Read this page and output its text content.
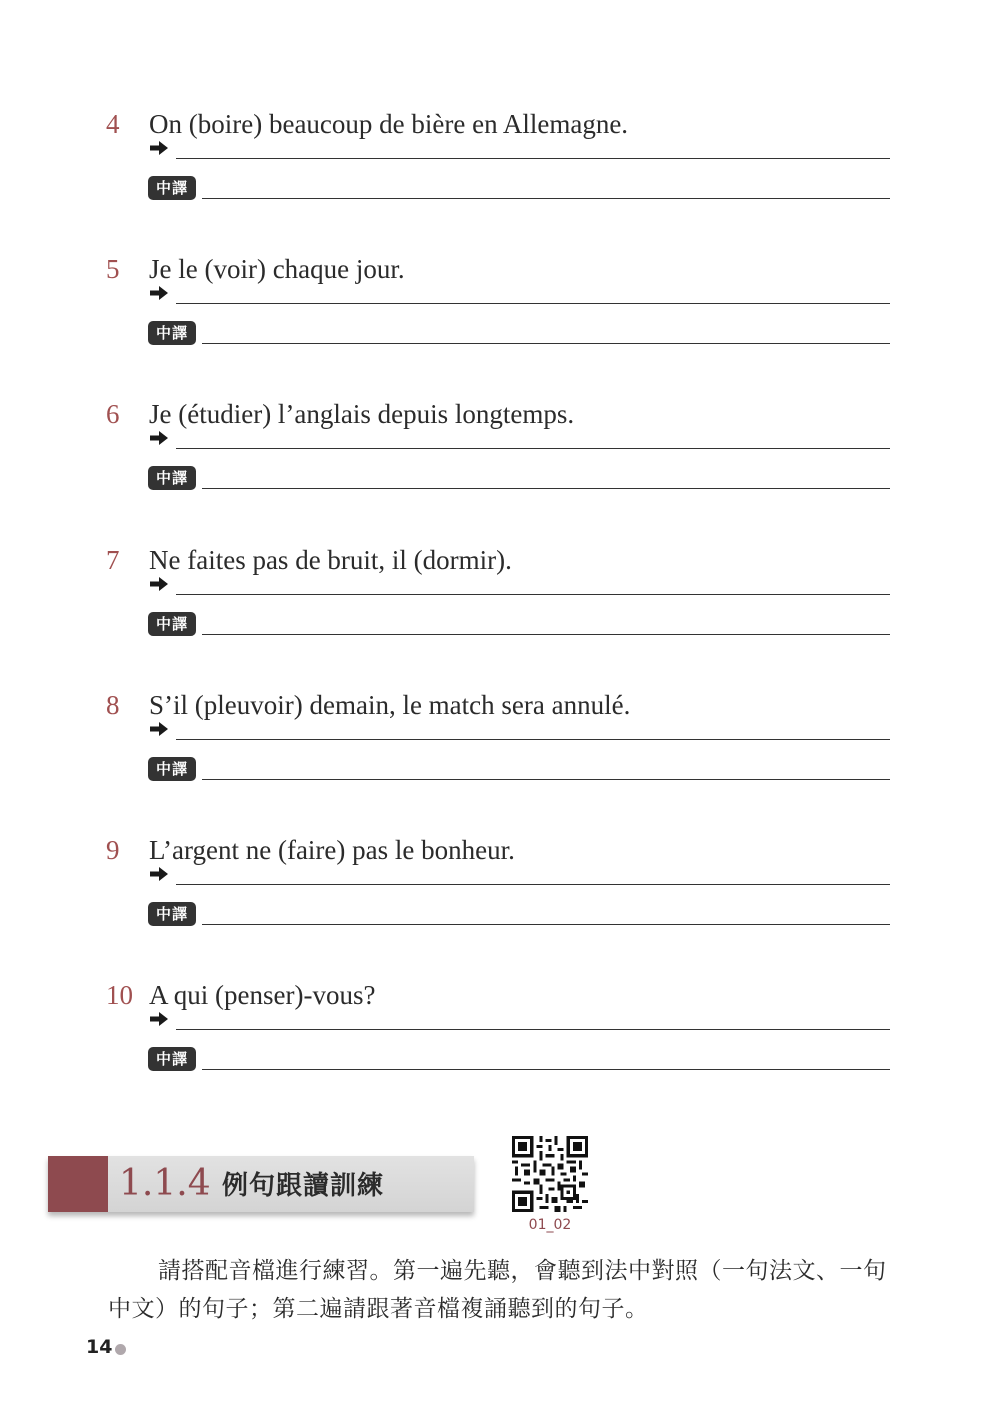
4	On (boire) beaucoup de bière en Allemagne.
中譯
5	Je le (voir) chaque jour.
中譯
6	Je (étudier) l’anglais depuis longtemps.
中譯
7	Ne faites pas de bruit, il (dormir).
中譯
8	S’il (pleuvoir) demain, le match sera annulé.
中譯
9	L’argent ne (faire) pas le bonheur.
中譯
10 A qui (penser)-vous?
中譯
1.1.4 例句跟讀訓練
01_02
請搭配音檔進行練習。第一遍先聽，會聽到法中對照（一句法文、一句中文）的句子；第二遍請跟著音檔複誦聽到的句子。
14
